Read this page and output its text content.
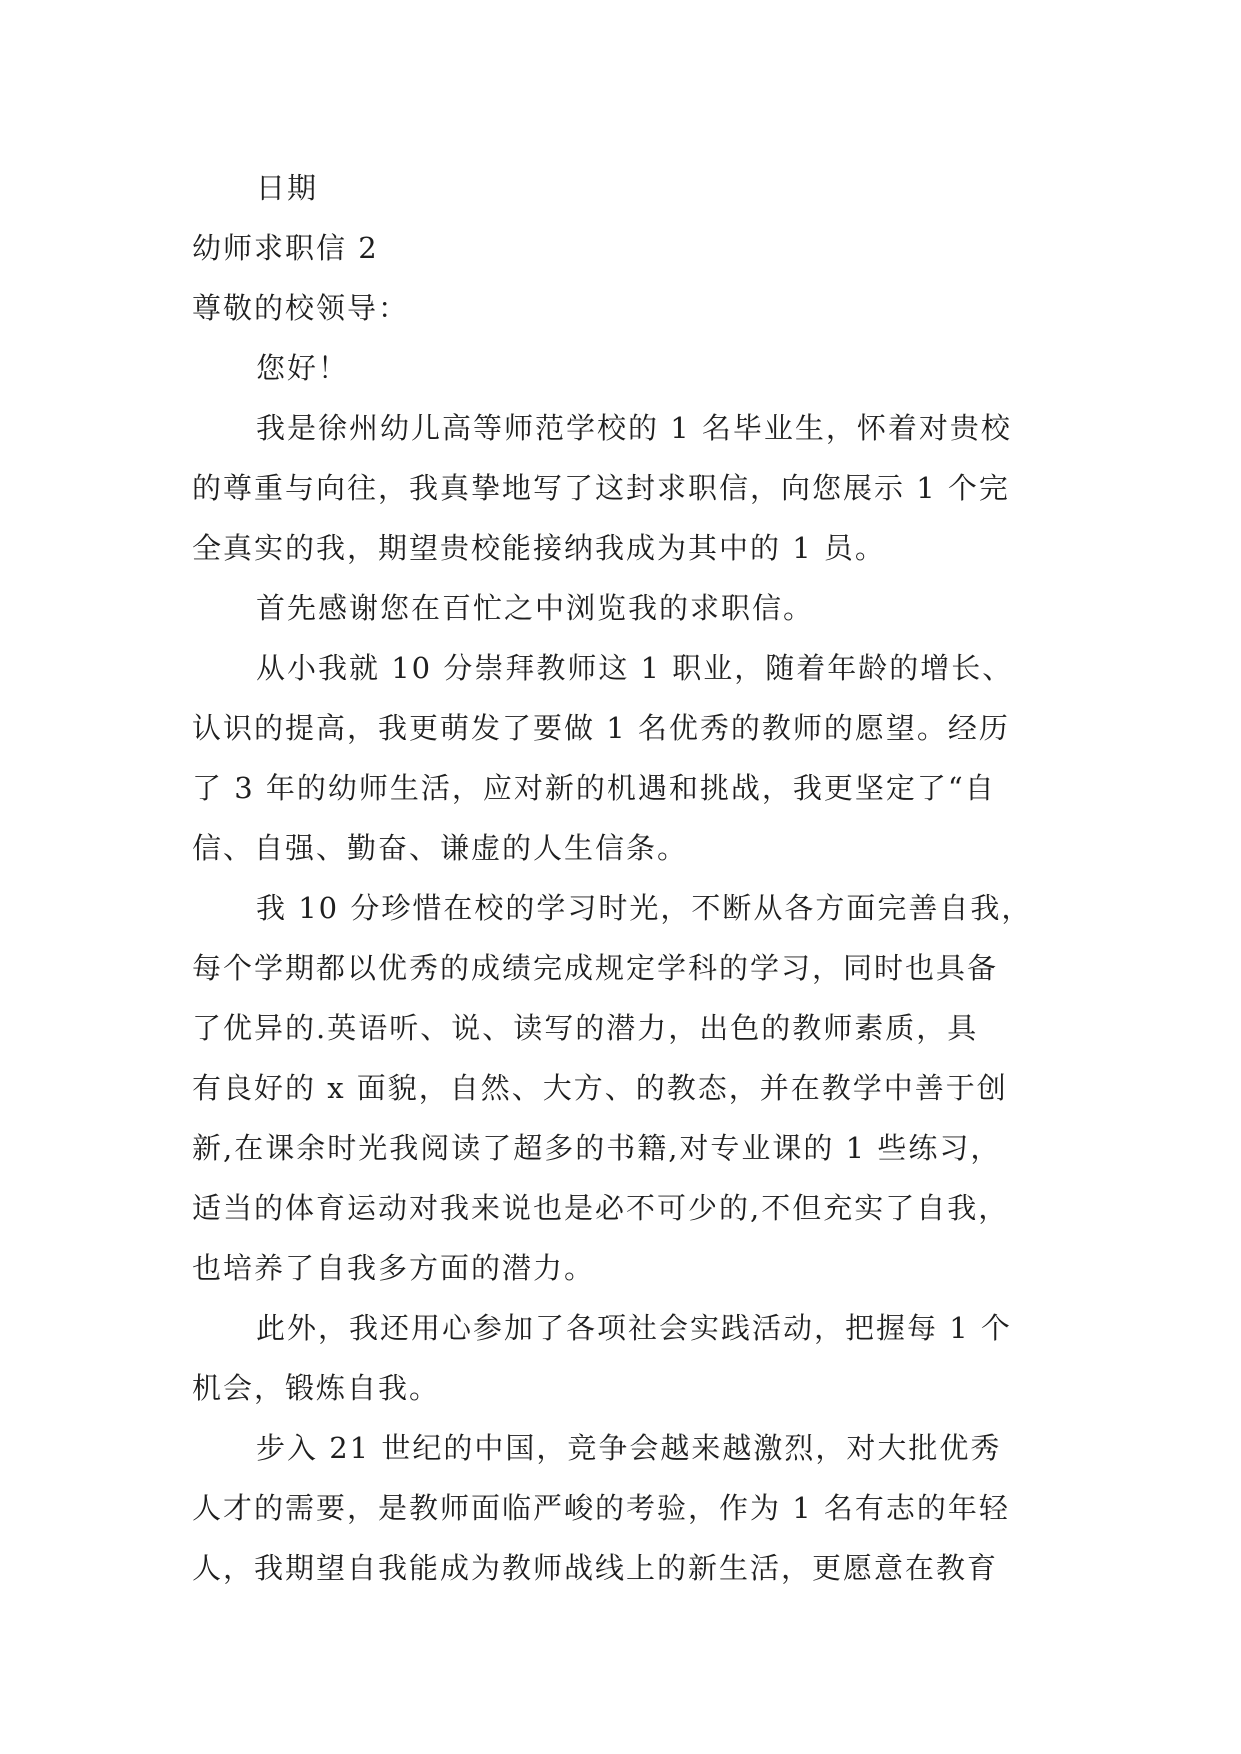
日期

幼师求职信 2

尊敬的校领导：

您好！

我是徐州幼儿高等师范学校的 1 名毕业生，怀着对贵校

的尊重与向往，我真挚地写了这封求职信，向您展示 1 个完

全真实的我，期望贵校能接纳我成为其中的 1 员。

首先感谢您在百忙之中浏览我的求职信。

从小我就 10 分崇拜教师这 1 职业，随着年龄的增长、

认识的提高，我更萌发了要做 1 名优秀的教师的愿望。经历

了 3 年的幼师生活，应对新的机遇和挑战，我更坚定了“自

信、自强、勤奋、谦虚的人生信条。

我 10 分珍惜在校的学习时光，不断从各方面完善自我，

每个学期都以优秀的成绩完成规定学科的学习，同时也具备

了优异的.英语听、说、读写的潜力，出色的教师素质，具

有良好的 x 面貌，自然、大方、的教态，并在教学中善于创

新,在课余时光我阅读了超多的书籍,对专业课的 1 些练习，

适当的体育运动对我来说也是必不可少的,不但充实了自我，

也培养了自我多方面的潜力。

此外，我还用心参加了各项社会实践活动，把握每 1 个

机会，锻炼自我。

步入 21 世纪的中国，竞争会越来越激烈，对大批优秀

人才的需要，是教师面临严峻的考验，作为 1 名有志的年轻

人，我期望自我能成为教师战线上的新生活，更愿意在教育
